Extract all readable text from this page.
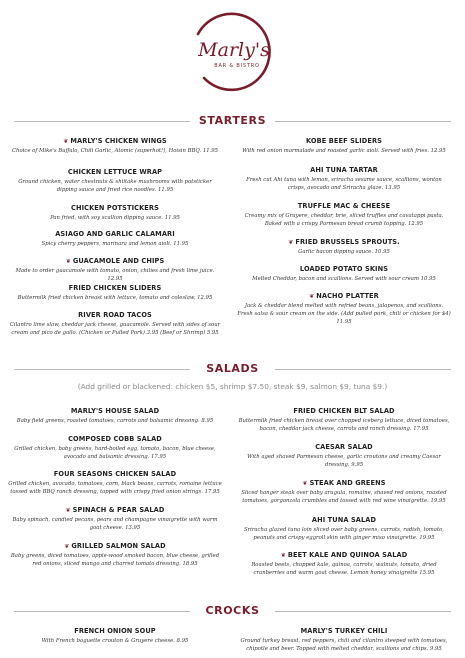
Marly's
BAR & BISTRO
STARTERS
❦ MARLY'S CHICKEN WINGS
Choice of Mike's Buffalo, Chili Garlic, Atomic (superhot!), Hoisin BBQ. 11.95
CHICKEN LETTUCE WRAP
Ground chicken, water chestnuts & shiitake mushrooms with potsticker dipping sauce and fried rice noodles. 11.95
CHICKEN POTSTICKERS
Pan fried, with soy scallion dipping sauce. 11.95
ASIAGO AND GARLIC CALAMARI
Spicy cherry peppers, marinara and lemon aioli. 11.95
❦ GUACAMOLE AND CHIPS
Made to order guacamole with tomato, onion, chilies and fresh lime juice. 12.95
FRIED CHICKEN SLIDERS
Buttermilk fried chicken breast with lettuce, tomato and coleslaw. 12.95
RIVER ROAD TACOS
Cilantro lime slaw, cheddar jack cheese, guacamole. Served with sides of sour cream and pico de gallo. (Chicken or Pulled Pork) 3.95 (Beef or Shrimp) 5.95
KOBE BEEF SLIDERS
With red onion marmalade and roasted garlic aioli. Served with fries. 12.95
AHI TUNA TARTAR
Fresh cut Ahi tuna with lemon, sriracha sesame sauce, scallions, wonton crisps, avocado and Sriracha glaze. 13.95
TRUFFLE MAC & CHEESE
Creamy mix of Gruyere, cheddar, brie, sliced truffles and cavatappi pasta. Baked with a crispy Parmesan bread crumb topping. 12.95
❦ FRIED BRUSSELS SPROUTS.
Garlic bacon dipping sauce. 10.95
LOADED POTATO SKINS
Melted Cheddar, bacon and scallions. Served with sour cream 10.95
❦ NACHO PLATTER
Jack & cheddar blend melted with refried beans, jalapenos, and scallions. Fresh salsa & sour cream on the side. (Add pulled pork, chili or chicken for $4) 11.95
SALADS
(Add grilled or blackened: chicken $5, shrimp $7.50, steak $9, salmon $9, tuna $9.)
MARLY'S HOUSE SALAD
Baby field greens, roasted tomatoes, carrots and balsamic dressing. 8.95
COMPOSED COBB SALAD
Grilled chicken, baby greens, hard-boiled egg, tomato, bacon, blue cheese, avocado and balsamic dressing. 17.95
FOUR SEASONS CHICKEN SALAD
Grilled chicken, avocado, tomatoes, corn, black beans, carrots, romaine lettuce tossed with BBQ ranch dressing, topped with crispy fried onion strings. 17.95
❦ SPINACH & PEAR SALAD
Baby spinach, candied pecans, pears and champagne vinaigrette with warm goat cheese. 13.95
❦ GRILLED SALMON SALAD
Baby greens, diced tomatoes, apple-wood smoked bacon, blue cheese, grilled red onions, sliced mango and charred tomato dressing. 18.95
FRIED CHICKEN BLT SALAD
Buttermilk fried chicken breast over chopped iceberg lettuce, diced tomatoes, bacon, cheddar jack cheese, carrots and ranch dressing. 17.95
CAESAR SALAD
With aged shaved Parmesan cheese, garlic croutons and creamy Caesar dressing. 9.95
❦ STEAK AND GREENS
Sliced hanger steak over baby arugula, romaine, shaved red onions, roasted tomatoes, gorgonzola crumbles and tossed with red wine vinaigrette. 19.95
AHI TUNA SALAD
Sriracha glazed tuna loin sliced over baby greens, carrots, radish, tomato, peanuts and crispy eggroll skin with ginger miso vinaigrette. 19.95
❦ BEET KALE AND QUINOA SALAD
Roasted beets, chopped kale, quinoa, carrots, walnuts, tomato, dried cranberries and warm goat cheese. Lemon honey vinaigrette 15.95
CROCKS
FRENCH ONION SOUP
With French baguette crouton & Gruyere cheese. 8.95
MARLY'S TURKEY CHILI
Ground turkey breast, red peppers, chili and cilantro steeped with tomatoes, chipotle and beer. Topped with melted cheddar, scallions and chips. 9.95
